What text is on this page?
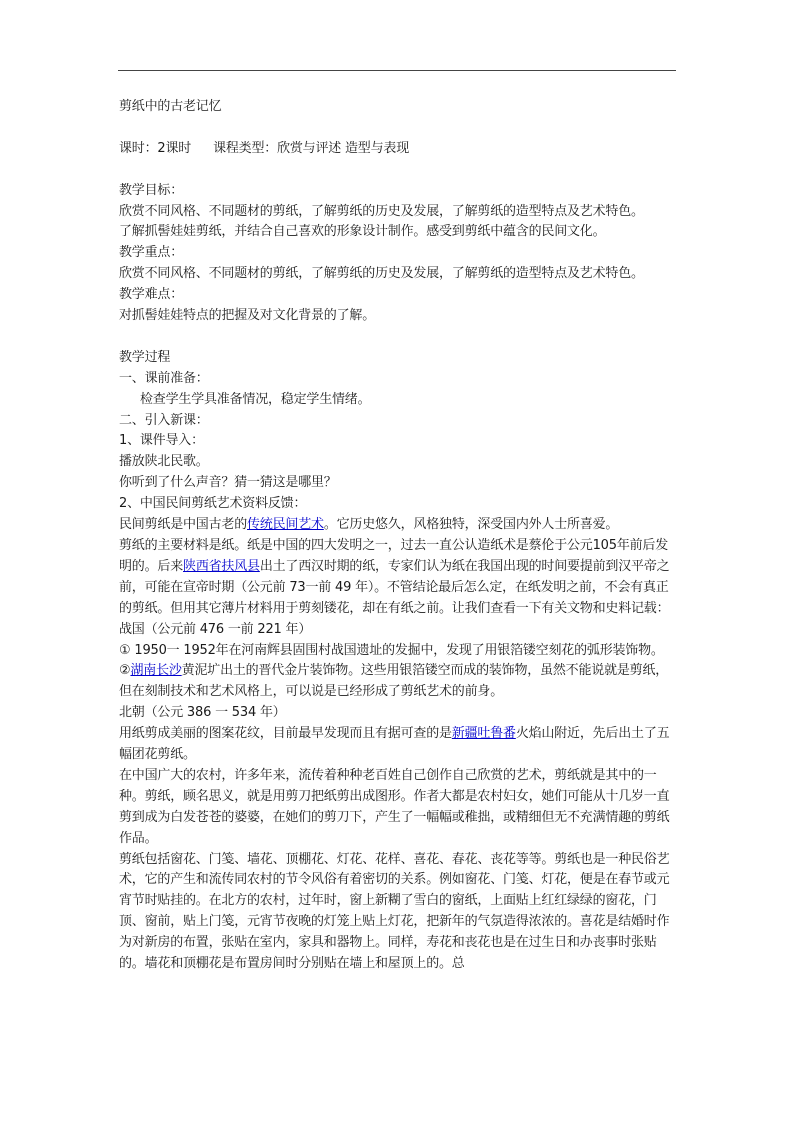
剪纸中的古老记忆
课时：2课时 课程类型：欣赏与评述 造型与表现
教学目标：
欣赏不同风格、不同题材的剪纸，了解剪纸的历史及发展，了解剪纸的造型特点及艺术特色。
了解抓髻娃娃剪纸，并结合自己喜欢的形象设计制作。感受到剪纸中蕴含的民间文化。
教学重点：
欣赏不同风格、不同题材的剪纸，了解剪纸的历史及发展，了解剪纸的造型特点及艺术特色。
教学难点：
对抓髻娃娃特点的把握及对文化背景的了解。
教学过程
一、课前准备：
检查学生学具准备情况，稳定学生情绪。
二、引入新课：
1、课件导入：
播放陕北民歌。
你听到了什么声音？猜一猜这是哪里？
2、中国民间剪纸艺术资料反馈：
民间剪纸是中国古老的传统民间艺术。它历史悠久，风格独特，深受国内外人士所喜爱。
剪纸的主要材料是纸。纸是中国的四大发明之一，过去一直公认造纸术是蔡伦于公元105年前后发明的。后来陕西省扶风县出土了西汉时期的纸，专家们认为纸在我国出现的时间要提前到汉平帝之前，可能在宣帝时期（公元前 73一前 49 年）。不管结论最后怎么定，在纸发明之前，不会有真正的剪纸。但用其它薄片材料用于剪刻镂花，却在有纸之前。让我们查看一下有关文物和史料记载：
战国（公元前 476 一前 221 年）
① 1950一 1952年在河南辉县固围村战国遗址的发掘中，发现了用银箔镂空刻花的弧形装饰物。
②湖南长沙黄泥圹出土的晋代金片装饰物。这些用银箔镂空而成的装饰物，虽然不能说就是剪纸，但在刻制技术和艺术风格上，可以说是已经形成了剪纸艺术的前身。
北朝（公元 386 一 534 年）
用纸剪成美丽的图案花纹，目前最早发现而且有据可查的是新疆吐鲁番火焰山附近，先后出土了五幅团花剪纸。
在中国广大的农村，许多年来，流传着种种老百姓自己创作自己欣赏的艺术，剪纸就是其中的一种。剪纸，顾名思义，就是用剪刀把纸剪出成图形。作者大都是农村妇女，她们可能从十几岁一直剪到成为白发苍苍的婆婆，在她们的剪刀下，产生了一幅幅或稚拙，或精细但无不充满情趣的剪纸作品。
剪纸包括窗花、门笺、墙花、顶棚花、灯花、花样、喜花、春花、丧花等等。剪纸也是一种民俗艺术，它的产生和流传同农村的节令风俗有着密切的关系。例如窗花、门笺、灯花，便是在春节或元宵节时贴挂的。在北方的农村，过年时，窗上新糊了雪白的窗纸，上面贴上红红绿绿的窗花，门顶、窗前，贴上门笺，元宵节夜晚的灯笼上贴上灯花，把新年的气氛造得浓浓的。喜花是结婚时作为对新房的布置，张贴在室内，家具和器物上。同样，寿花和丧花也是在过生日和办丧事时张贴的。墙花和顶棚花是布置房间时分别贴在墙上和屋顶上的。总
